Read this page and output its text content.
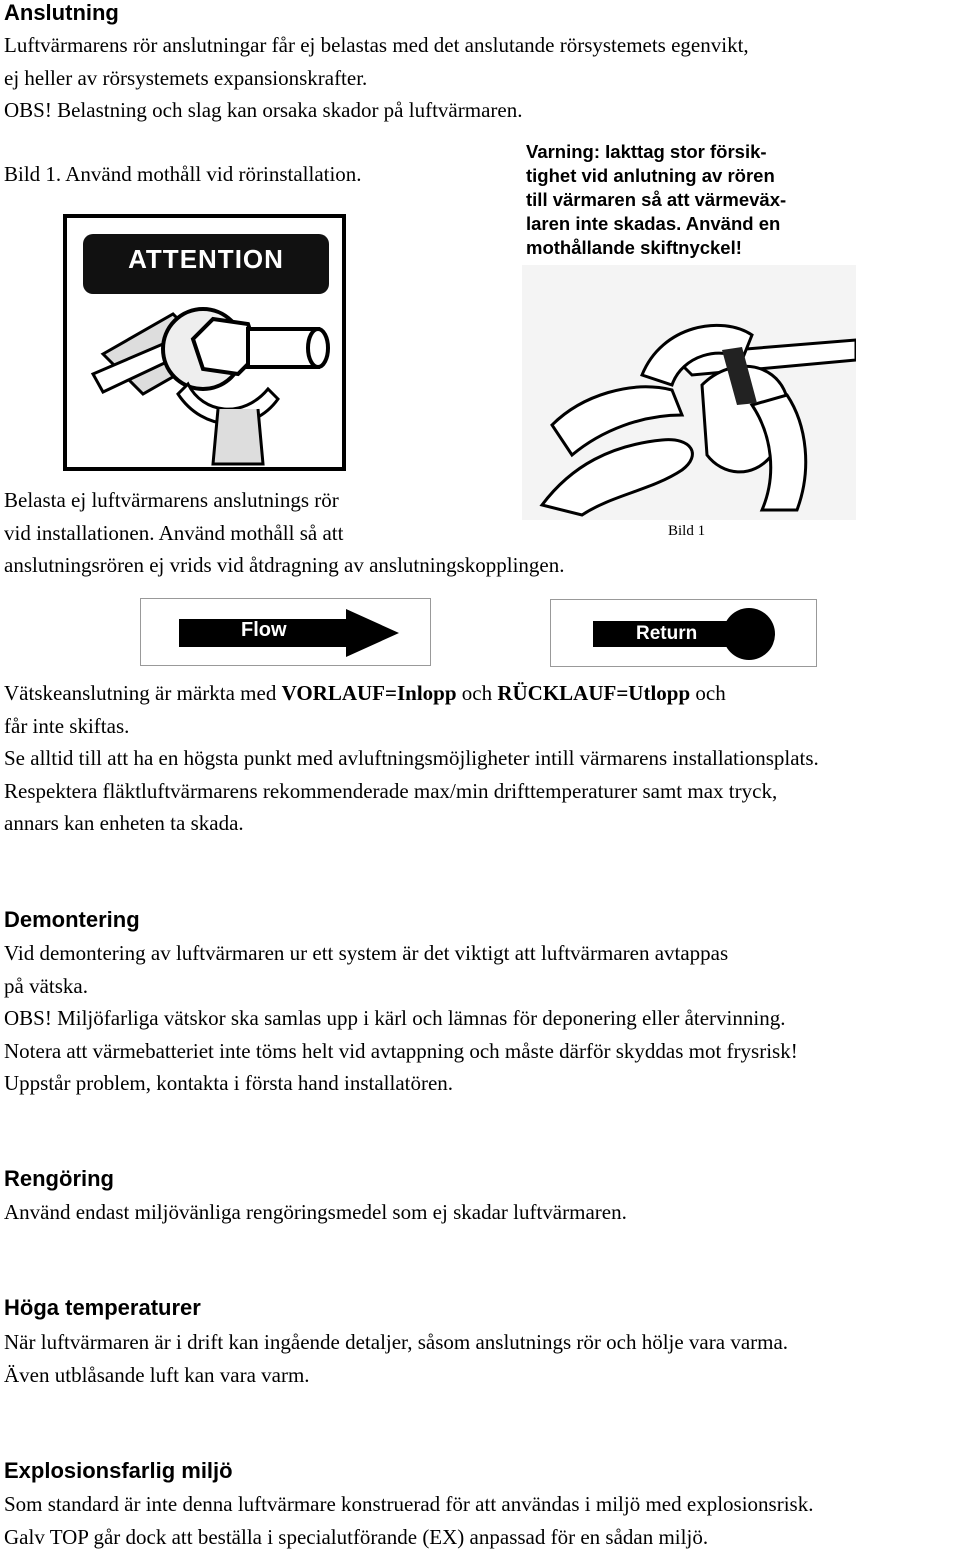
Anslutning
Luftvärmarens rör anslutningar får ej belastas med det anslutande rörsystemets egenvikt,
ej heller av rörsystemets expansionskrafter.
OBS! Belastning och slag kan orsaka skador på luftvärmaren.
Bild 1. Använd mothåll vid rörinstallation.
ATTENTION
Varning: Iakttag stor försik-
tighet vid anlutning av rören
till värmaren så att värmeväx-
laren inte skadas. Använd en
mothållande skiftnyckel!
Belasta ej luftvärmarens anslutnings rör
vid installationen. Använd mothåll så att
anslutningsrören ej vrids vid åtdragning av anslutningskopplingen.
Bild 1
Flow	Return
Vätskeanslutning är märkta med VORLAUF=Inlopp och RÜCKLAUF=Utlopp och
får inte skiftas.
Se alltid till att ha en högsta punkt med avluftningsmöjligheter intill värmarens installationsplats.
Respektera fläktluftvärmarens rekommenderade max/min drifttemperaturer samt max tryck,
annars kan enheten ta skada.
Demontering
Vid demontering av luftvärmaren ur ett system är det viktigt att luftvärmaren avtappas
på vätska.
OBS! Miljöfarliga vätskor ska samlas upp i kärl och lämnas för deponering eller återvinning.
Notera att värmebatteriet inte töms helt vid avtappning och måste därför skyddas mot frysrisk!
Uppstår problem, kontakta i första hand installatören.
Rengöring
Använd endast miljövänliga rengöringsmedel som ej skadar luftvärmaren.
Höga temperaturer
När luftvärmaren är i drift kan ingående detaljer, såsom anslutnings rör och hölje vara varma.
Även utblåsande luft kan vara varm.
Explosionsfarlig miljö
Som standard är inte denna luftvärmare konstruerad för att användas i miljö med explosionsrisk.
Galv TOP går dock att beställa i specialutförande (EX) anpassad för en sådan miljö.
